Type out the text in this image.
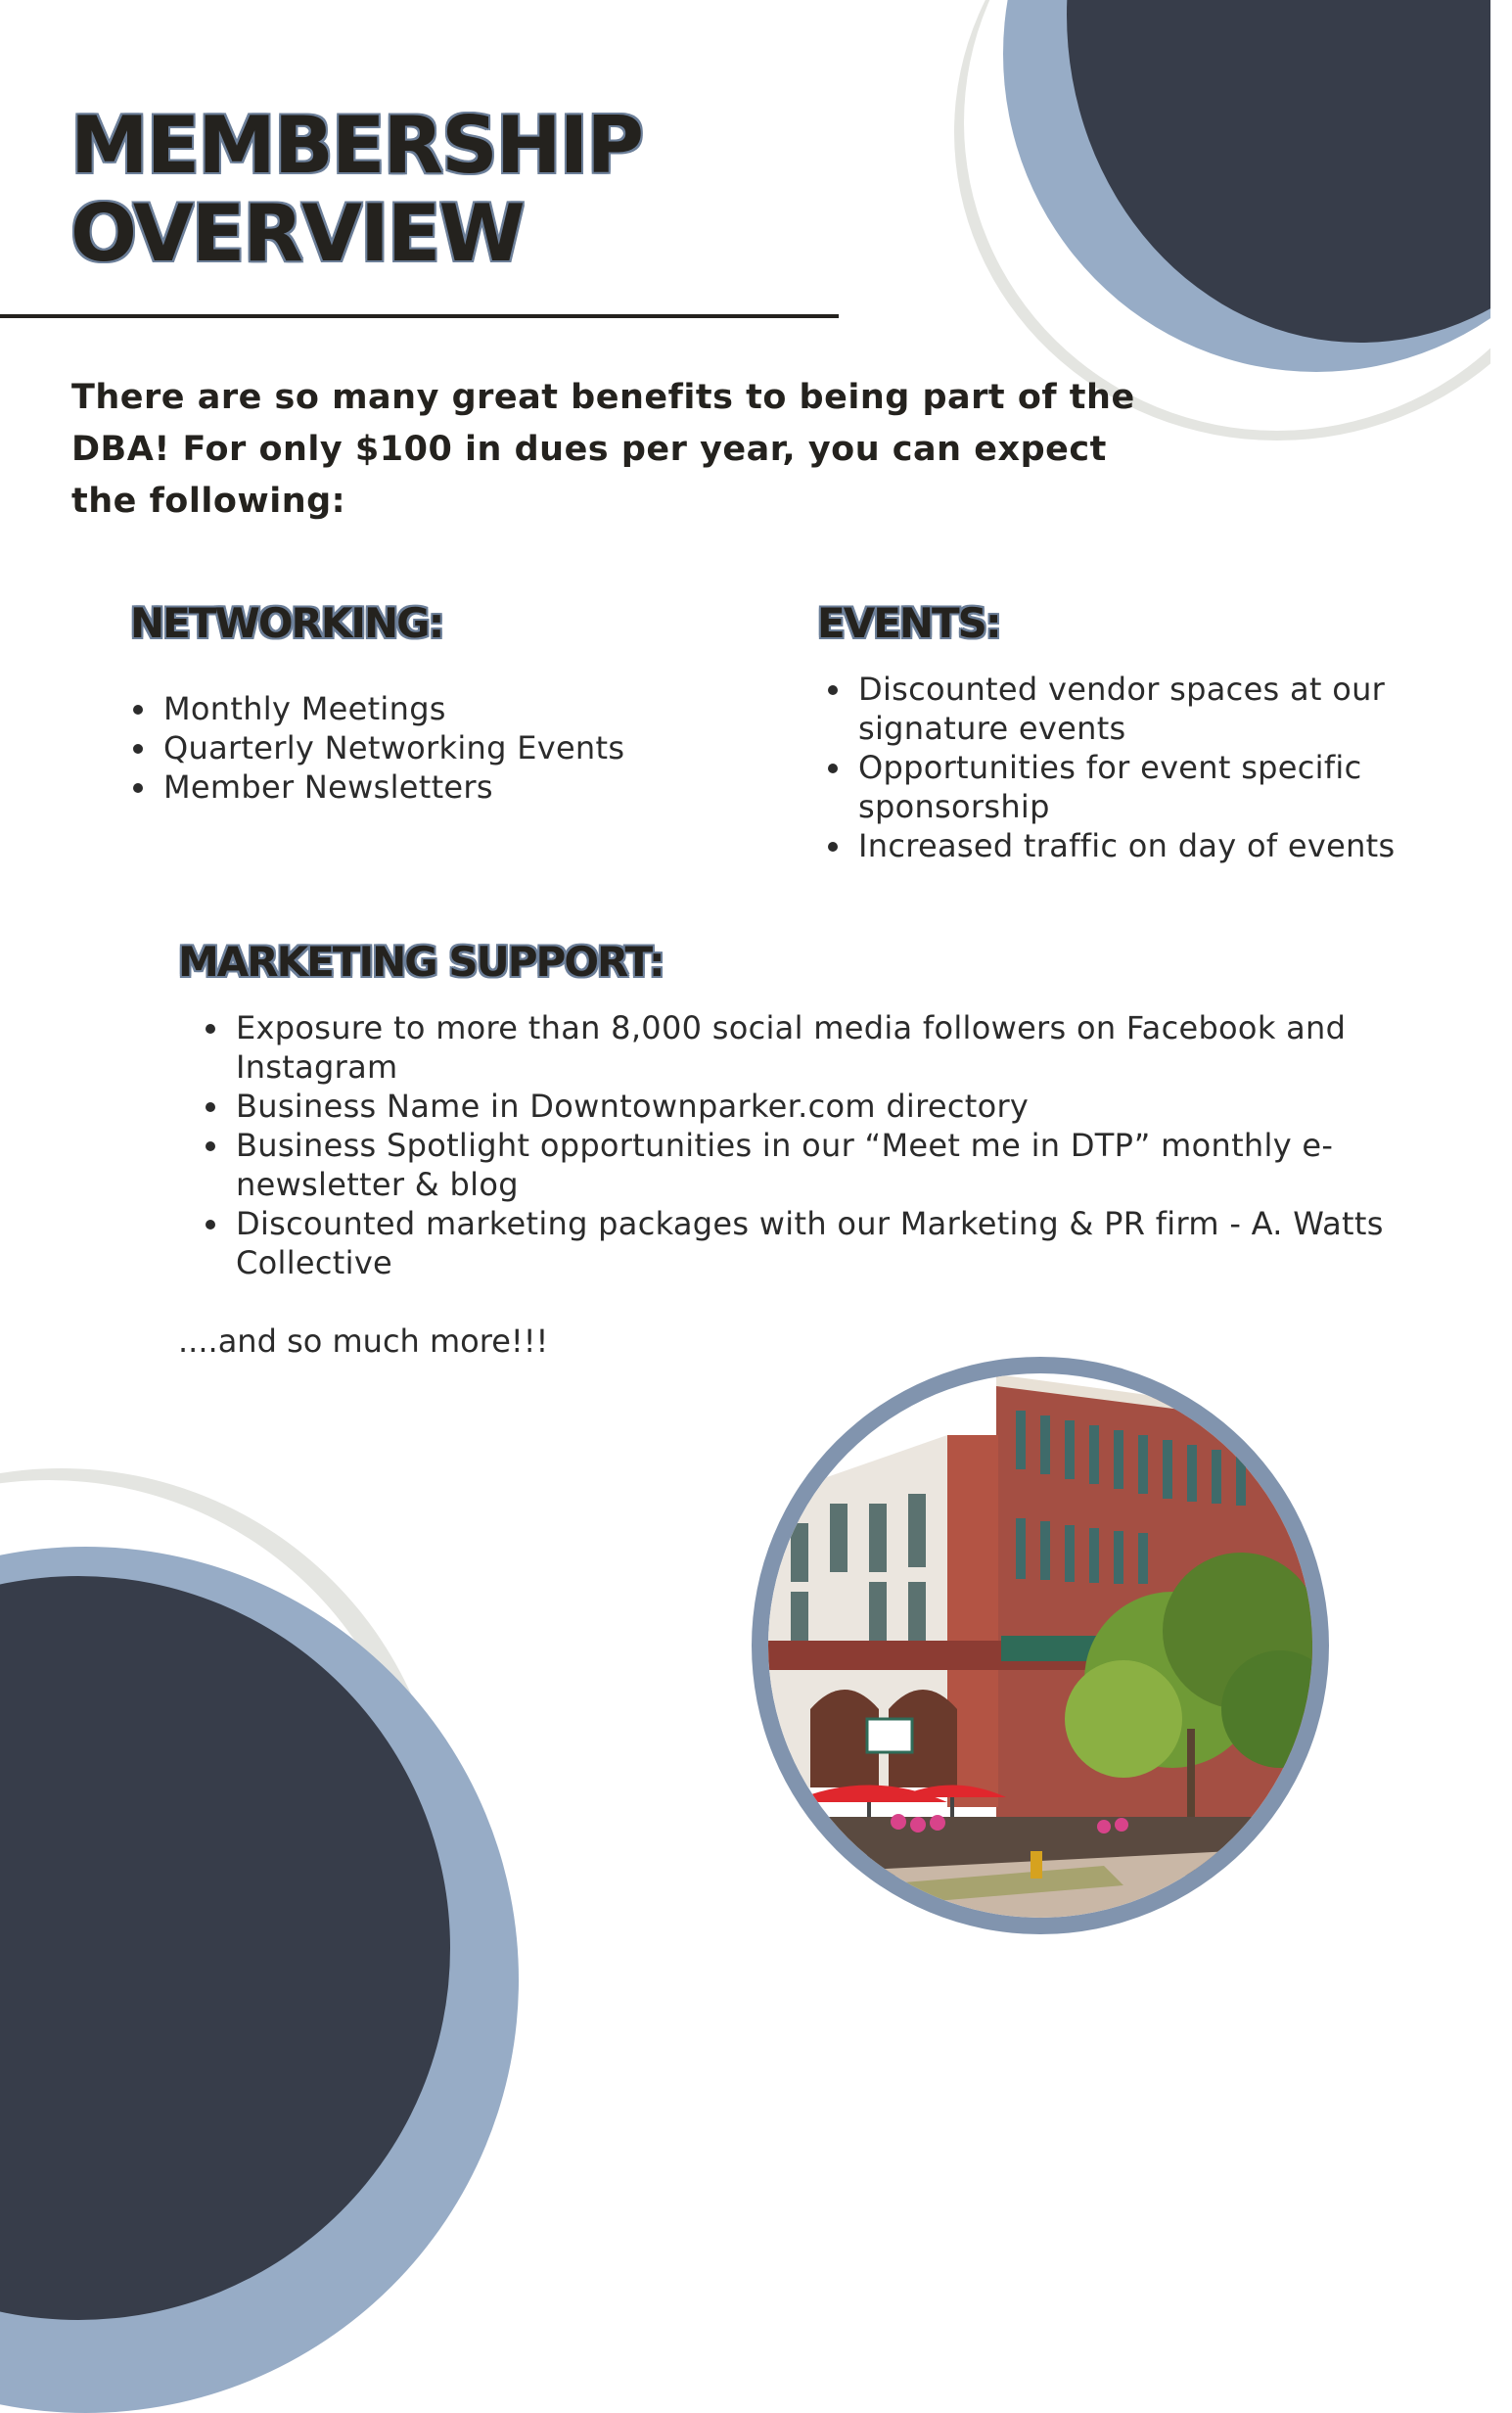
MEMBERSHIP
OVERVIEW

There are so many great benefits to being part of the DBA! For only $100 in dues per year, you can expect the following:

NETWORKING:
• Monthly Meetings
• Quarterly Networking Events
• Member Newsletters
EVENTS:
• Discounted vendor spaces at our signature events
• Opportunities for event specific sponsorship
• Increased traffic on day of events
MARKETING SUPPORT:
• Exposure to more than 8,000 social media followers on Facebook and Instagram
• Business Name in Downtownparker.com directory
• Business Spotlight opportunities in our “Meet me in DTP” monthly e-newsletter & blog
• Discounted marketing packages with our Marketing & PR firm - A. Watts Collective

....and so much more!!!
